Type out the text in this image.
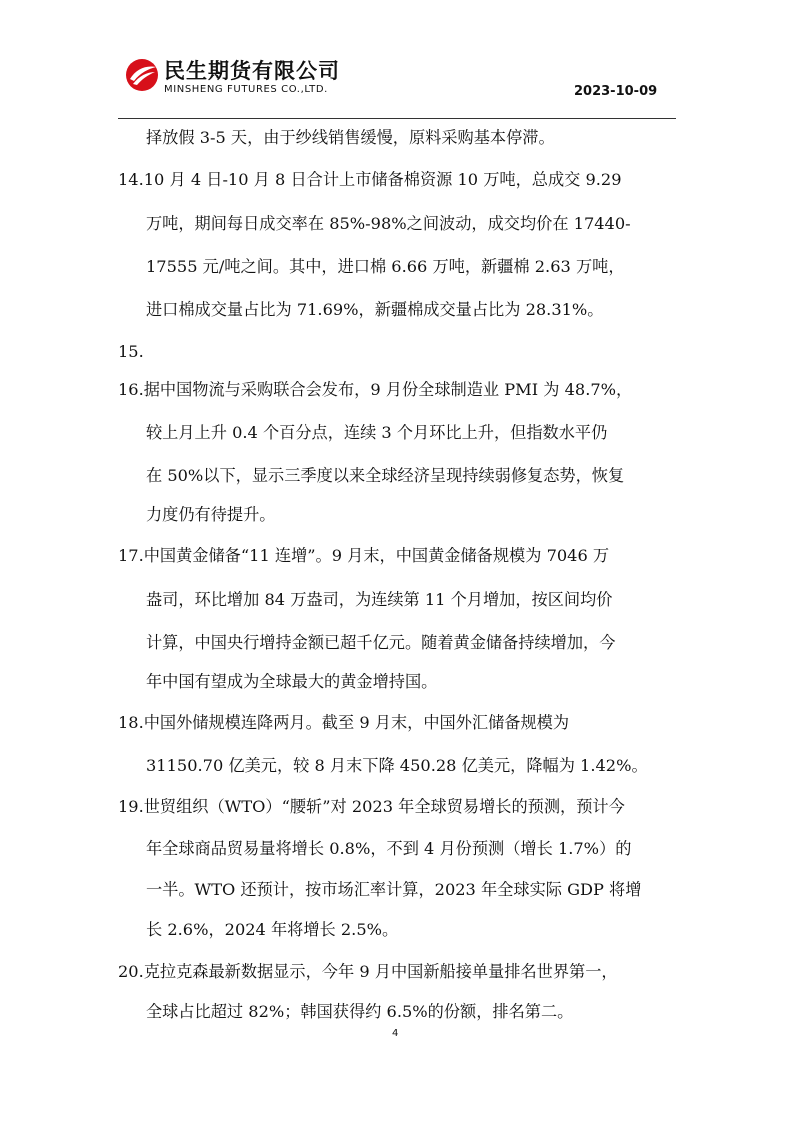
民生期货有限公司
MINSHENG FUTURES CO.,LTD.	2023-10-09
择放假 3-5 天，由于纱线销售缓慢，原料采购基本停滞。
14.10 月 4 日-10 月 8 日合计上市储备棉资源 10 万吨，总成交 9.29
万吨，期间每日成交率在 85%-98%之间波动，成交均价在 17440-
17555 元/吨之间。其中，进口棉 6.66 万吨，新疆棉 2.63 万吨，
进口棉成交量占比为 71.69%，新疆棉成交量占比为 28.31%。
15.
16.据中国物流与采购联合会发布，9 月份全球制造业 PMI 为 48.7%，
较上月上升 0.4 个百分点，连续 3 个月环比上升，但指数水平仍
在 50%以下，显示三季度以来全球经济呈现持续弱修复态势，恢复
力度仍有待提升。
17.中国黄金储备“11 连增”。9 月末，中国黄金储备规模为 7046 万
盎司，环比增加 84 万盎司，为连续第 11 个月增加，按区间均价
计算，中国央行增持金额已超千亿元。随着黄金储备持续增加，今
年中国有望成为全球最大的黄金增持国。
18.中国外储规模连降两月。截至 9 月末，中国外汇储备规模为
31150.70 亿美元，较 8 月末下降 450.28 亿美元，降幅为 1.42%。
19.世贸组织（WTO）“腰斩”对 2023 年全球贸易增长的预测，预计今
年全球商品贸易量将增长 0.8%，不到 4 月份预测（增长 1.7%）的
一半。WTO 还预计，按市场汇率计算，2023 年全球实际 GDP 将增
长 2.6%，2024 年将增长 2.5%。
20.克拉克森最新数据显示，今年 9 月中国新船接单量排名世界第一，
全球占比超过 82%；韩国获得约 6.5%的份额，排名第二。
4
